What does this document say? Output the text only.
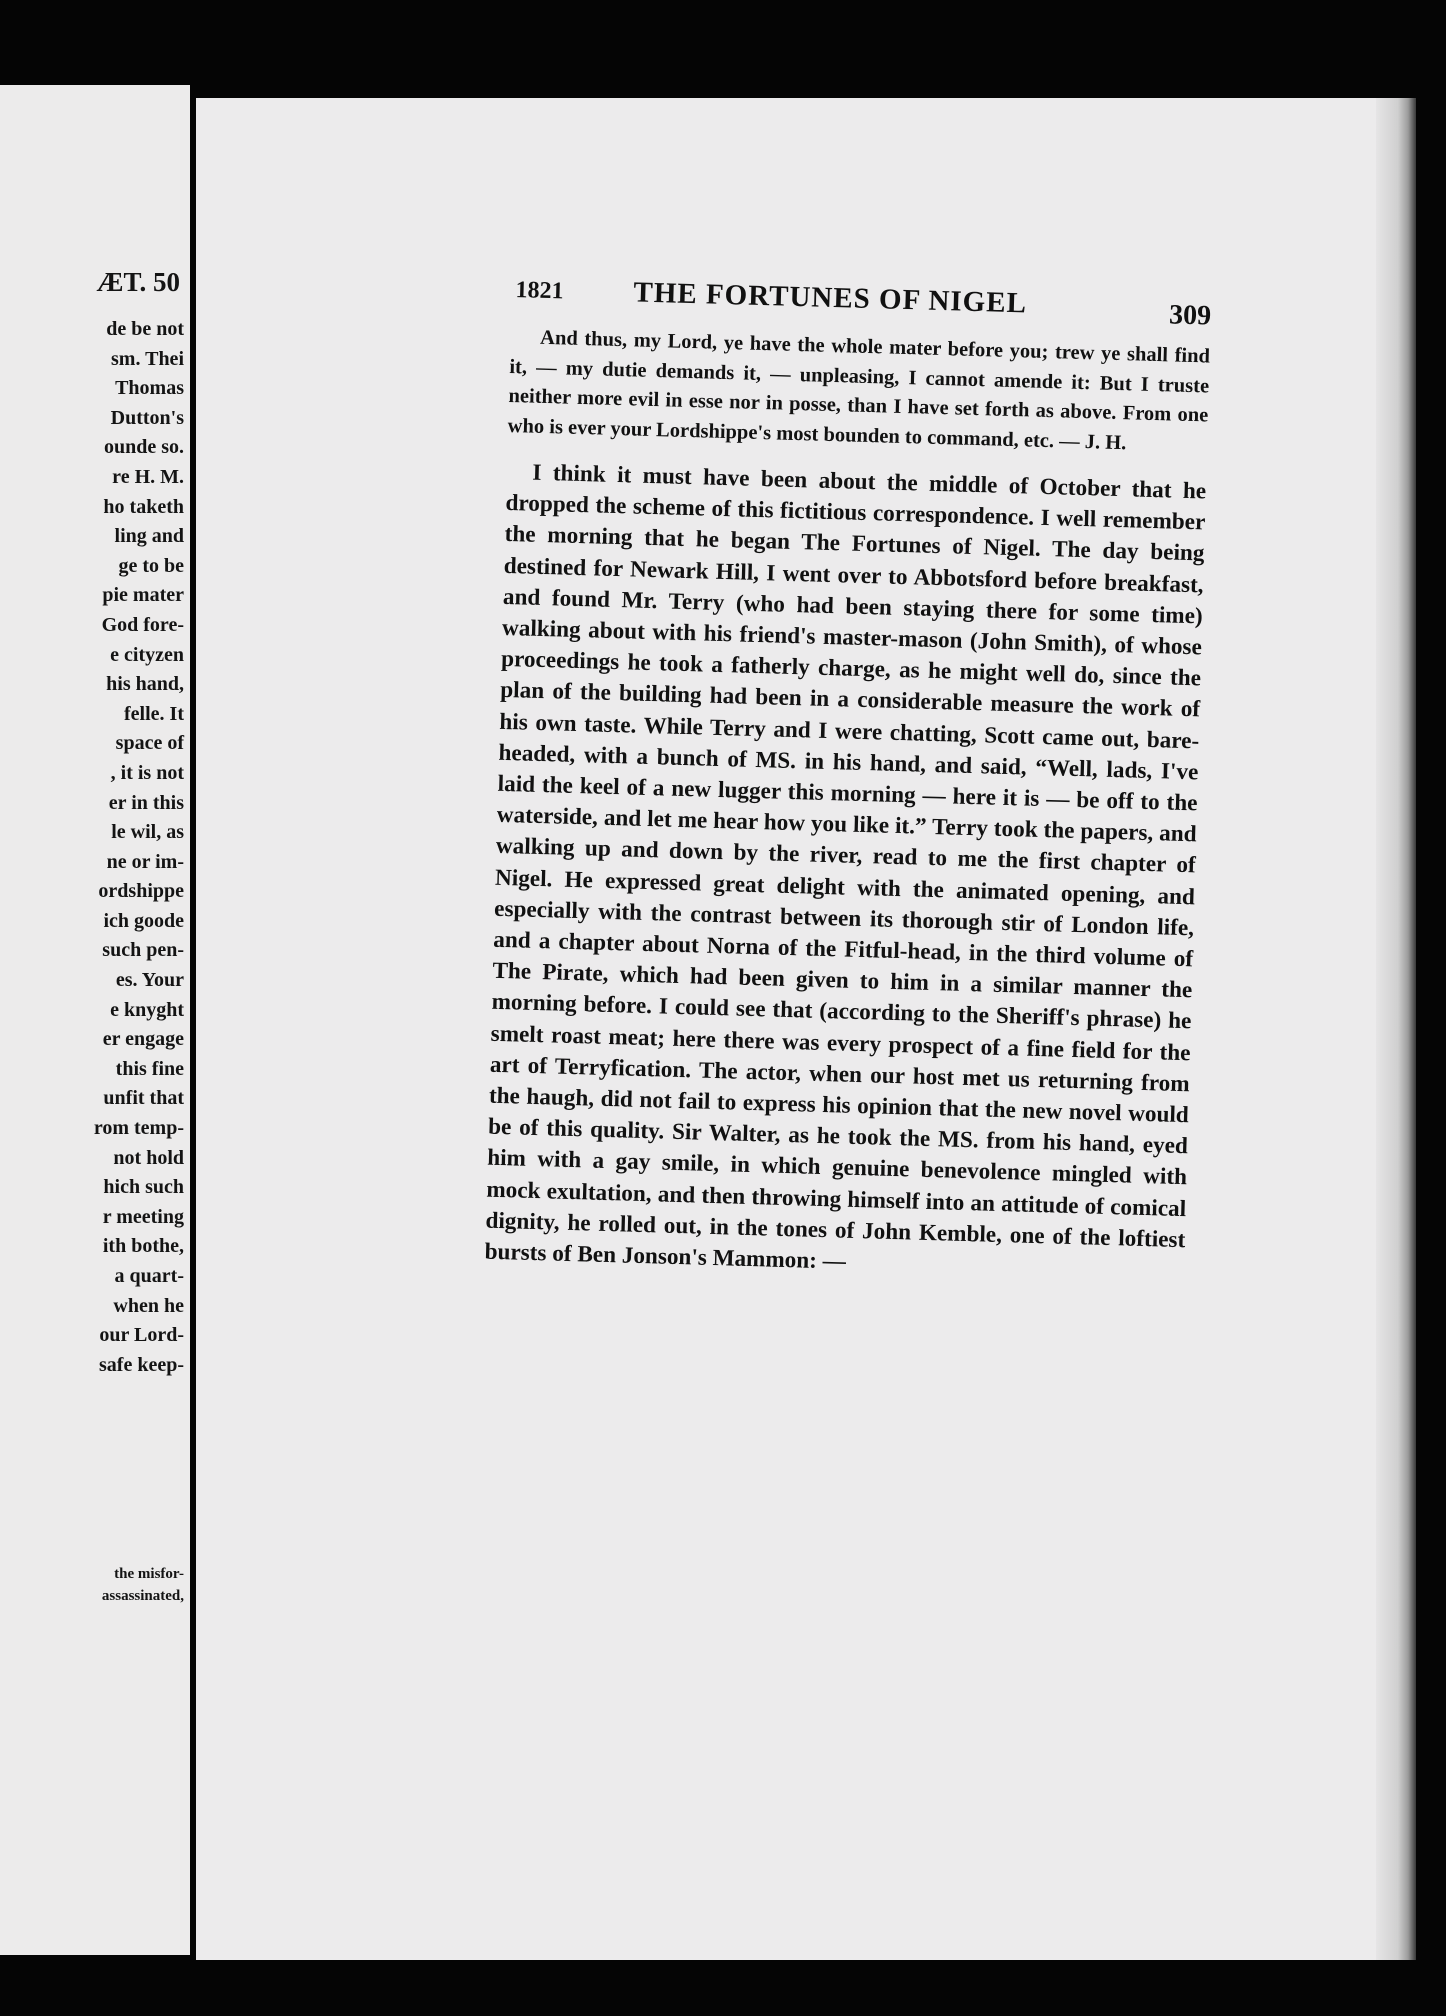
ÆT. 50
de be not
sm. Thei
Thomas
Dutton's
ounde so.
re H. M.
ho taketh
ling and
ge to be
pie mater
God fore-
e cityzen
his hand,
felle. It
space of
, it is not
er in this
le wil, as
ne or im-
ordshippe
ich goode
such pen-
es. Your
e knyght
er engage
this fine
unfit that
rom temp-
not hold
hich such
r meeting
ith bothe,
a quart-
when he
our Lord-
safe keep-
the misfor-
assassinated,
1821 THE FORTUNES OF NIGEL	309

And thus, my Lord, ye have the whole mater before you; trew ye shall find it, — my dutie demands it, — unpleasing, I cannot amende it: But I truste neither more evil in esse nor in posse, than I have set forth as above. From one who is ever your Lordshippe's most bounden to command, etc. — J. H.

I think it must have been about the middle of October that he dropped the scheme of this fictitious correspondence. I well remember the morning that he began The Fortunes of Nigel. The day being destined for Newark Hill, I went over to Abbotsford before breakfast, and found Mr. Terry (who had been staying there for some time) walking about with his friend's master-mason (John Smith), of whose proceedings he took a fatherly charge, as he might well do, since the plan of the building had been in a considerable measure the work of his own taste. While Terry and I were chatting, Scott came out, bare-headed, with a bunch of MS. in his hand, and said, “Well, lads, I've laid the keel of a new lugger this morning — here it is — be off to the waterside, and let me hear how you like it.” Terry took the papers, and walking up and down by the river, read to me the first chapter of Nigel. He expressed great delight with the animated opening, and especially with the contrast between its thorough stir of London life, and a chapter about Norna of the Fitful-head, in the third volume of The Pirate, which had been given to him in a similar manner the morning before. I could see that (according to the Sheriff's phrase) he smelt roast meat; here there was every prospect of a fine field for the art of Terryfication. The actor, when our host met us returning from the haugh, did not fail to express his opinion that the new novel would be of this quality. Sir Walter, as he took the MS. from his hand, eyed him with a gay smile, in which genuine benevolence mingled with mock exultation, and then throwing himself into an attitude of comical dignity, he rolled out, in the tones of John Kemble, one of the loftiest bursts of Ben Jonson's Mammon: —
